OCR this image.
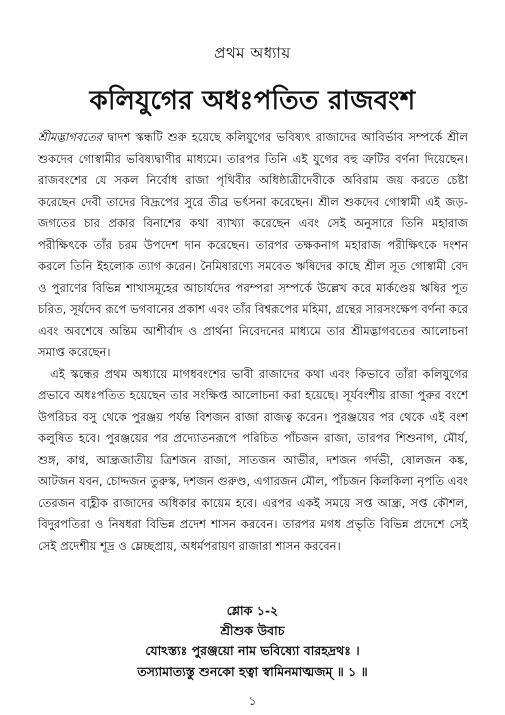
প্রথম অধ্যায়
কলিযুগের অধঃপতিত রাজবংশ

শ্রীমদ্ভাগবতের দ্বাদশ স্কন্ধটি শুরু হয়েছে কলিযুগের ভবিষ্যৎ রাজাদের আবির্ভাব সম্পর্কে শ্রীল শুকদেব গোস্বামীর ভবিষ্যদ্বাণীর মাধ্যমে। তারপর তিনি এই যুগের বহু ত্রুটির বর্ণনা দিয়েছেন। রাজবংশের যে সকল নির্বোধ রাজা পৃথিবীর অধিষ্ঠাত্রীদেবীকে অবিরাম জয় করতে চেষ্টা করেছেন দেবী তাদের বিদ্রূপের সুরে তীব্র ভর্ৎসনা করেছেন। শ্রীল শুকদেব গোস্বামী এই জড়-জগতের চার প্রকার বিনাশের কথা ব্যাখ্যা করেছেন এবং সেই অনুসারে তিনি মহারাজ পরীক্ষিৎকে তাঁর চরম উপদেশ দান করেছেন। তারপর তক্ষকনাগ মহারাজ পরীক্ষিৎকে দংশন করলে তিনি ইহলোক ত্যাগ করেন। নৈমিষারণ্যে সমবেত ঋষিদের কাছে শ্রীল সূত গোস্বামী বেদ ও পুরাণের বিভিন্ন শাখাসমূহের আচার্যদের পরম্পরা সম্পর্কে উল্লেখ করে মার্কণ্ডেয় ঋষির পূত চরিত, সূর্যদেব রূপে ভগবানের প্রকাশ এবং তাঁর বিশ্বরূপের মহিমা, গ্রন্থের সারসংক্ষেপ বর্ণনা করে এবং অবশেষে অন্তিম আশীর্বাদ ও প্রার্থনা নিবেদনের মাধ্যমে তার শ্রীমদ্ভাগবতের আলোচনা সমাপ্ত করেছেন।

এই স্কন্ধের প্রথম অধ্যায়ে মাগধবংশের ভাবী রাজাদের কথা এবং কিভাবে তাঁরা কলিযুগের প্রভাবে অধঃপতিত হয়েছেন তার সংক্ষিপ্ত আলোচনা করা হয়েছে। সূর্যবংশীয় রাজা পুরুর বংশে উপরিচর বসু থেকে পুরঞ্জয় পর্যন্ত বিশজন রাজা রাজত্ব করেন। পুরঞ্জয়ের পর থেকে এই বংশ কলুষিত হবে। পুরঞ্জয়ের পর প্রদ্যোতনরূপে পরিচিত পাঁচজন রাজা, তারপর শিশুনাগ, মৌর্য, শুঙ্গ, কাণ্ব, আন্ধ্রজাতীয় ত্রিশজন রাজা, সাতজন আভীর, দশজন গর্দভী, ষোলজন কঙ্ক, আটজন যবন, চোদ্দজন তুরুস্ক, দশজন গুরুণ্ড, এগারজন মৌল, পাঁচজন কিলকিলা নৃপতি এবং তেরজন বাহ্লীক রাজাদের অধিকার কায়েম হবে। এরপর একই সময়ে সপ্ত আন্ধ্র, সপ্ত কৌশল, বিদুরপতিরা ও নিষধরা বিভিন্ন প্রদেশ শাসন করবেন। তারপর মগধ প্রভৃতি বিভিন্ন প্রদেশে সেই সেই প্রদেশীয় শূদ্র ও ম্লেচ্ছপ্রায়, অধর্মপরায়ণ রাজারা শাসন করবেন।

শ্লোক ১-২
শ্রীশুক উবাচ
যোঽস্ত্যঃ পুরঞ্জয়ো নাম ভবিষ্যো বারহদ্রথঃ ।
তস্যামাত্যস্তু শুনকো হত্বা স্বামিনমাত্মজম্‌ ॥ ১ ॥
১
